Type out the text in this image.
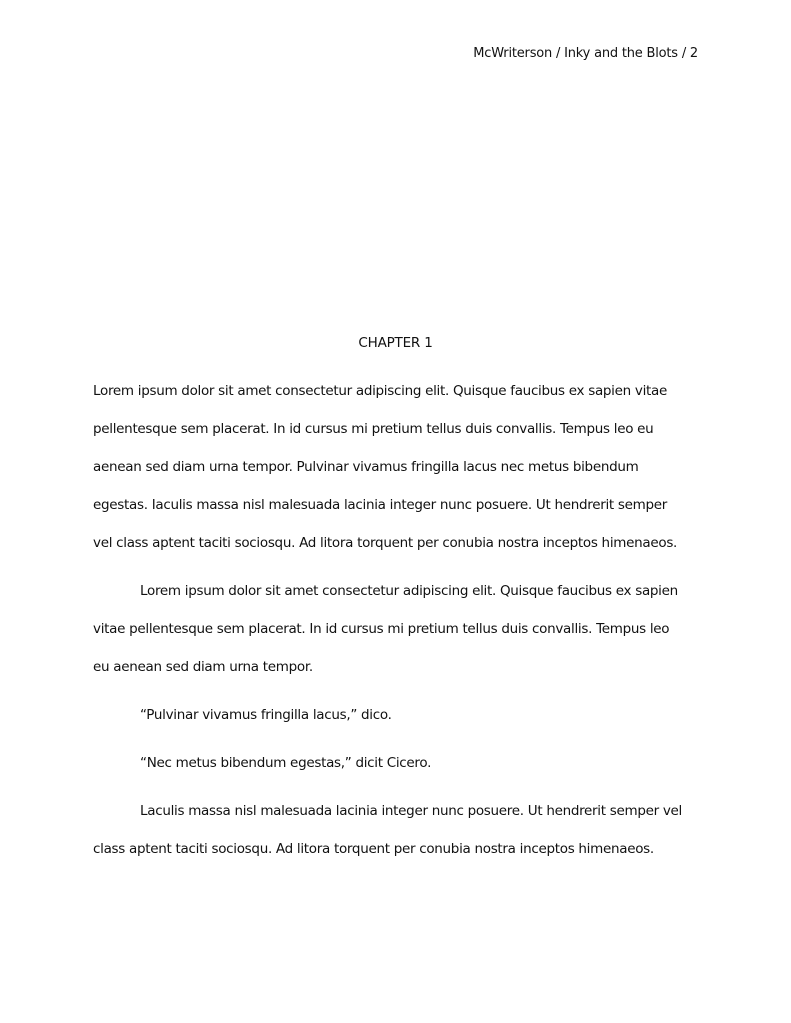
McWriterson / Inky and the Blots / 2
CHAPTER 1
Lorem ipsum dolor sit amet consectetur adipiscing elit. Quisque faucibus ex sapien vitae
pellentesque sem placerat. In id cursus mi pretium tellus duis convallis. Tempus leo eu
aenean sed diam urna tempor. Pulvinar vivamus fringilla lacus nec metus bibendum
egestas. Iaculis massa nisl malesuada lacinia integer nunc posuere. Ut hendrerit semper
vel class aptent taciti sociosqu. Ad litora torquent per conubia nostra inceptos himenaeos.
Lorem ipsum dolor sit amet consectetur adipiscing elit. Quisque faucibus ex sapien
vitae pellentesque sem placerat. In id cursus mi pretium tellus duis convallis. Tempus leo
eu aenean sed diam urna tempor.
“Pulvinar vivamus fringilla lacus,” dico.
“Nec metus bibendum egestas,” dicit Cicero.
Laculis massa nisl malesuada lacinia integer nunc posuere. Ut hendrerit semper vel
class aptent taciti sociosqu. Ad litora torquent per conubia nostra inceptos himenaeos.
